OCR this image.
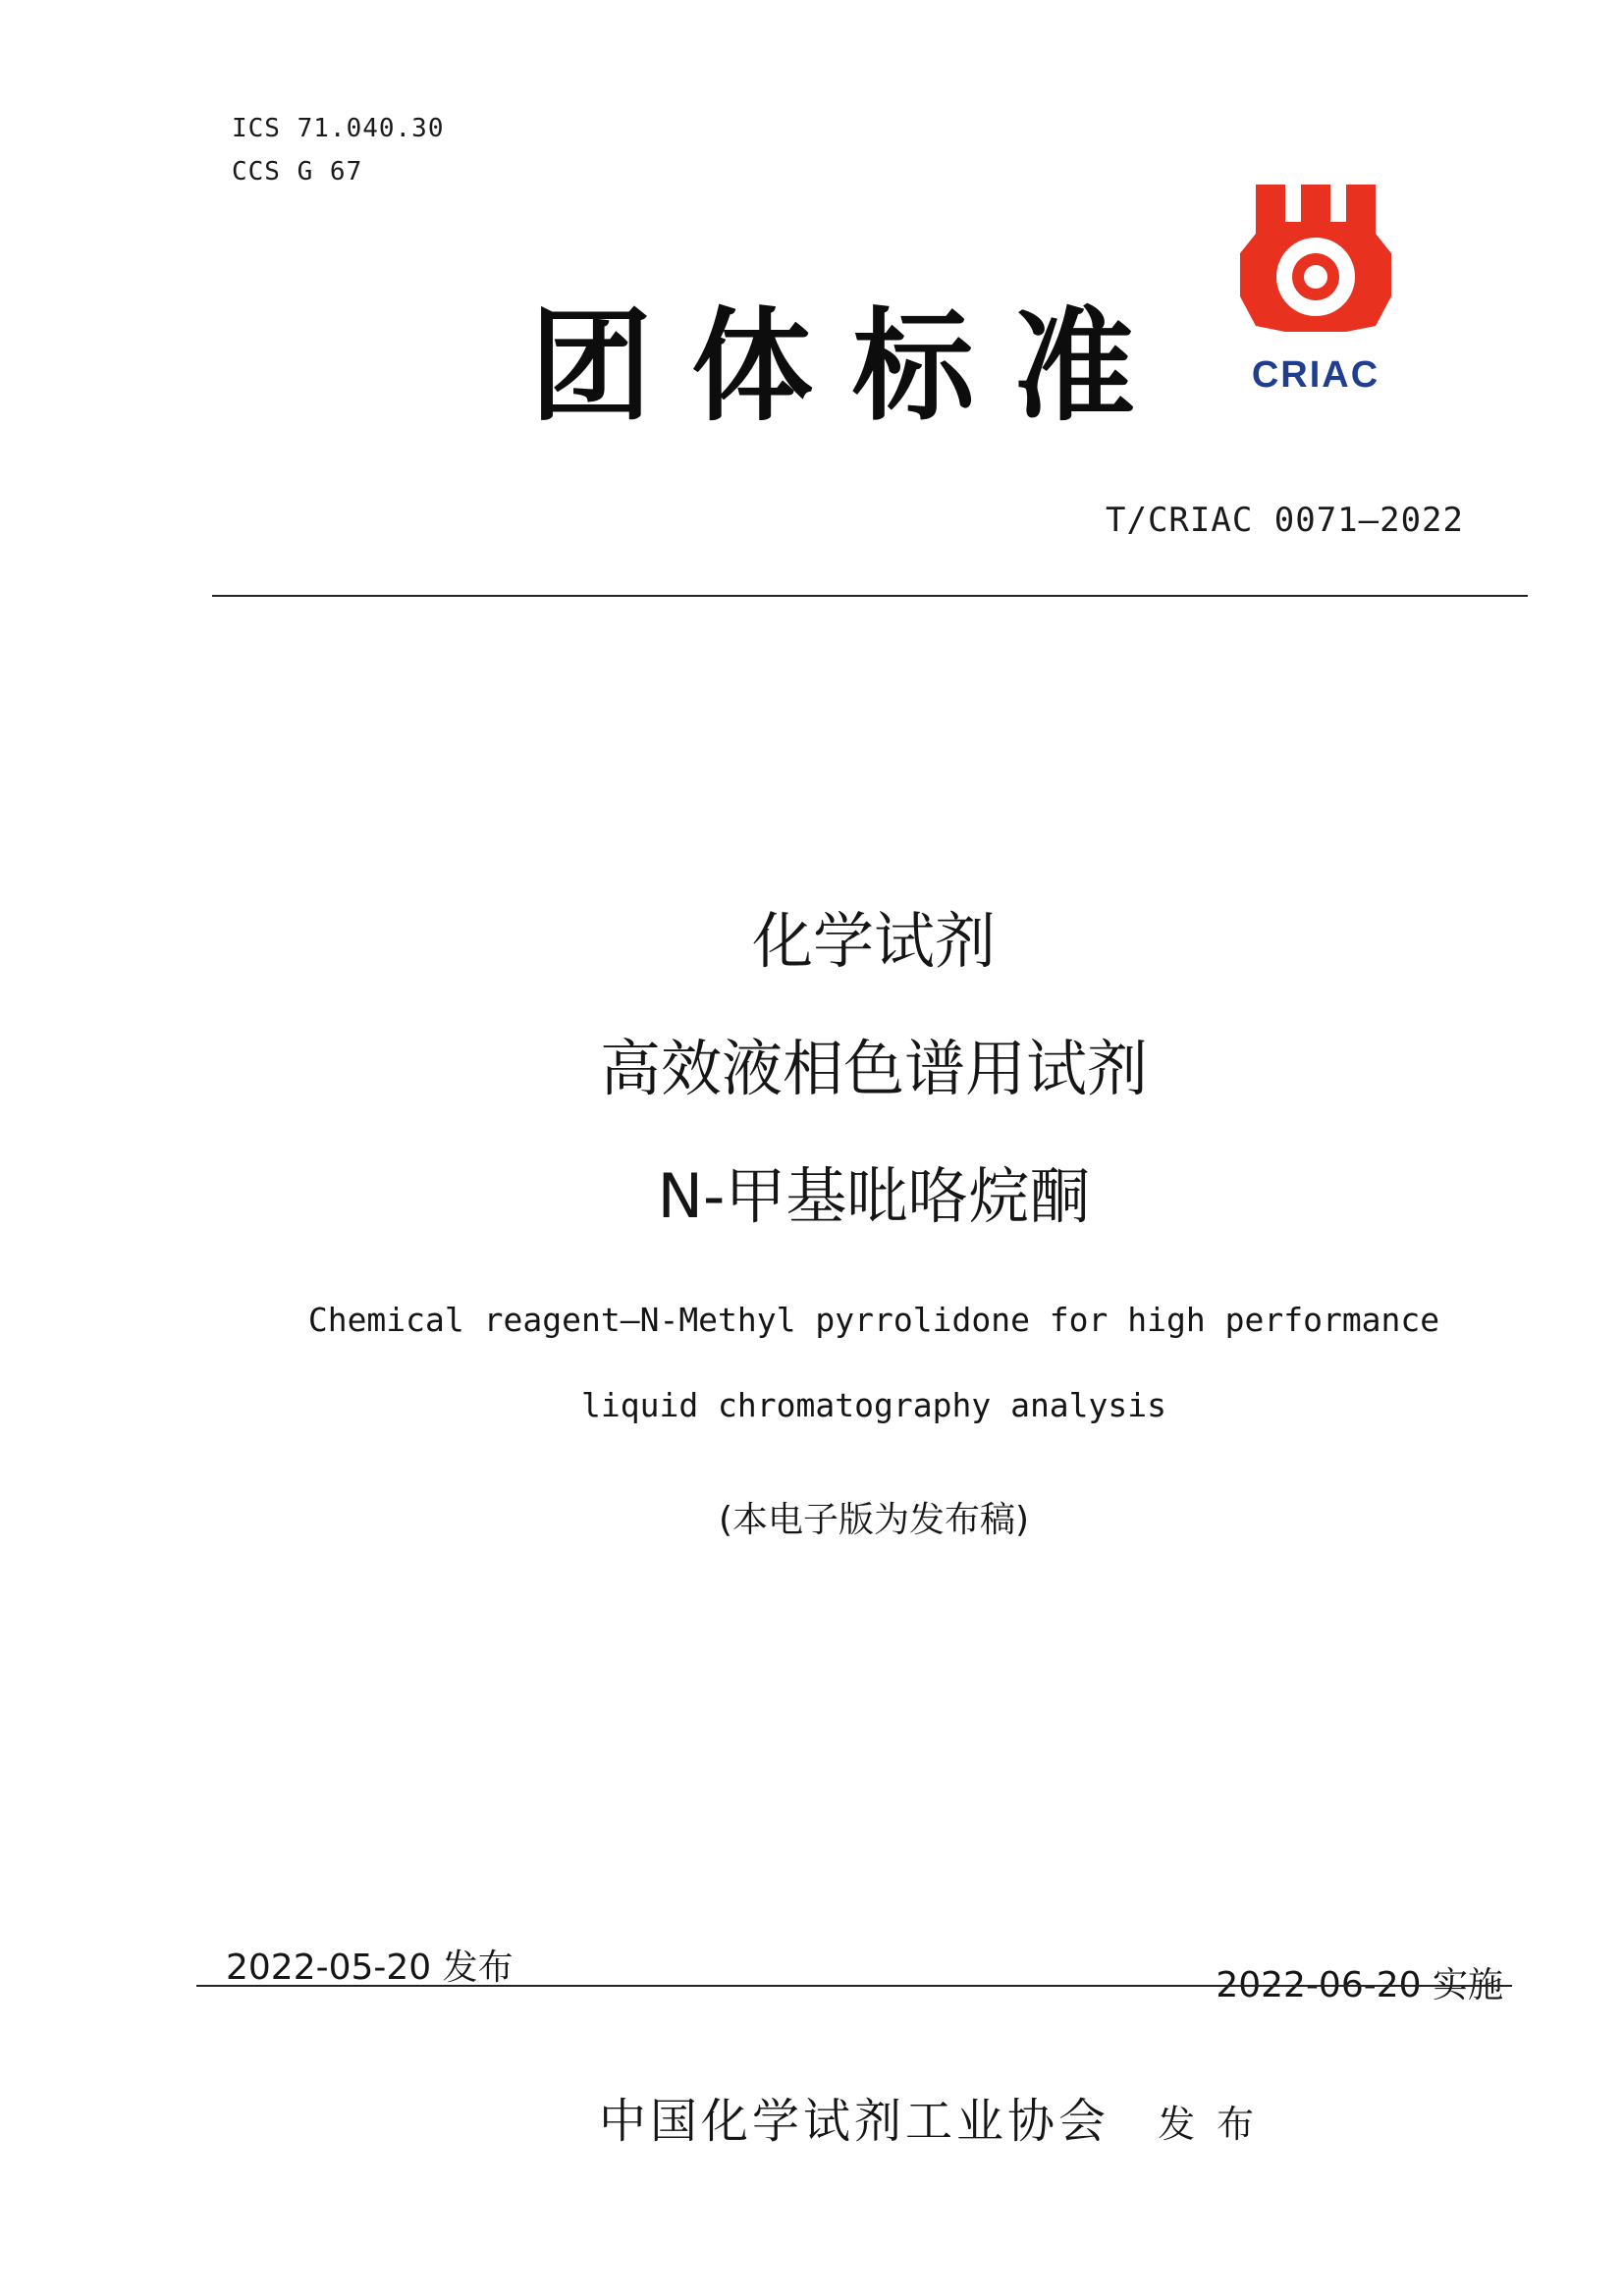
ICS 71.040.30
CCS G 67
团体标准 CRIAC
T/CRIAC 0071—2022
化学试剂
高效液相色谱用试剂
N-甲基吡咯烷酮
Chemical reagent—N-Methyl pyrrolidone for high performance
liquid chromatography analysis
(本电子版为发布稿)
2022-05-20 发布	2022-06-20 实施
中国化学试剂工业协会 发布
